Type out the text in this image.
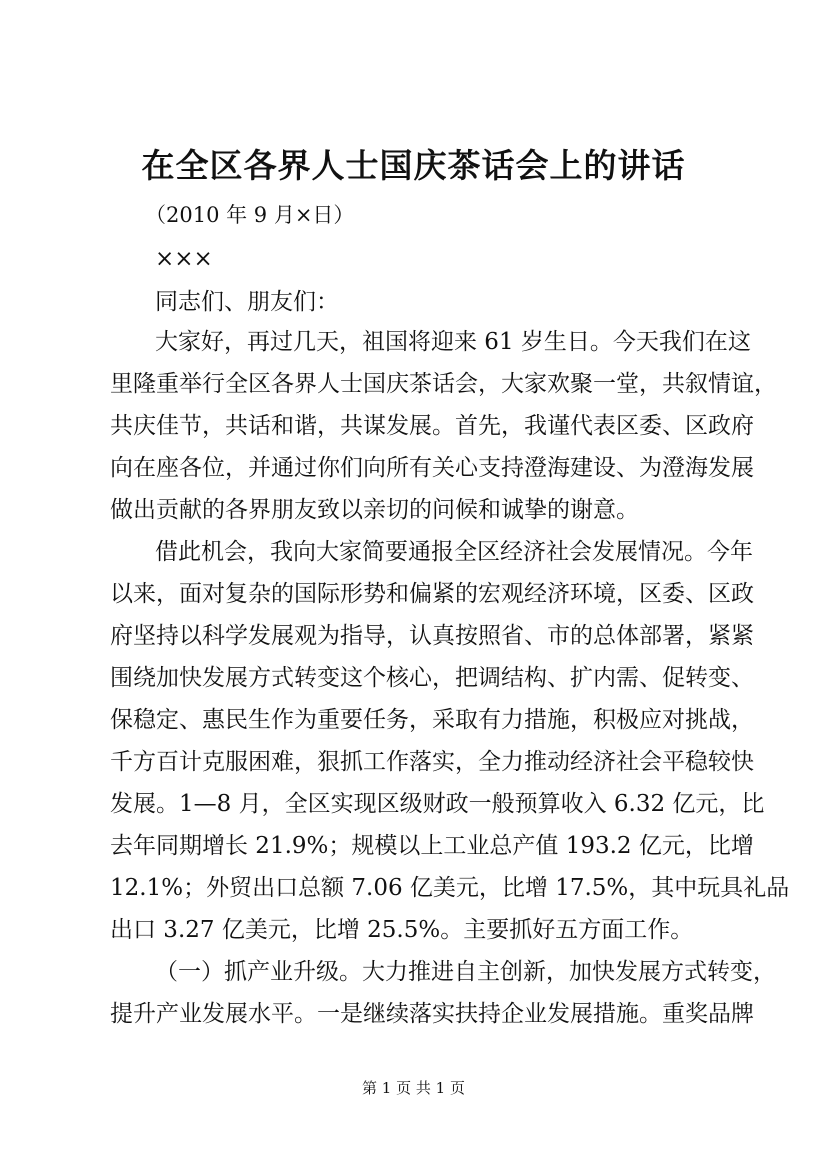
在全区各界人士国庆茶话会上的讲话
（2010 年 9 月×日）
×××
同志们、朋友们：
大家好，再过几天，祖国将迎来 61 岁生日。今天我们在这
里隆重举行全区各界人士国庆茶话会，大家欢聚一堂，共叙情谊，
共庆佳节，共话和谐，共谋发展。首先，我谨代表区委、区政府
向在座各位，并通过你们向所有关心支持澄海建设、为澄海发展
做出贡献的各界朋友致以亲切的问候和诚挚的谢意。
借此机会，我向大家简要通报全区经济社会发展情况。今年
以来，面对复杂的国际形势和偏紧的宏观经济环境，区委、区政
府坚持以科学发展观为指导，认真按照省、市的总体部署，紧紧
围绕加快发展方式转变这个核心，把调结构、扩内需、促转变、
保稳定、惠民生作为重要任务，采取有力措施，积极应对挑战，
千方百计克服困难，狠抓工作落实，全力推动经济社会平稳较快
发展。1—8 月，全区实现区级财政一般预算收入 6.32 亿元，比
去年同期增长 21.9%；规模以上工业总产值 193.2 亿元，比增
12.1%；外贸出口总额 7.06 亿美元，比增 17.5%，其中玩具礼品
出口 3.27 亿美元，比增 25.5%。主要抓好五方面工作。
（一）抓产业升级。大力推进自主创新，加快发展方式转变，
提升产业发展水平。一是继续落实扶持企业发展措施。重奖品牌
第 1 页 共 1 页
